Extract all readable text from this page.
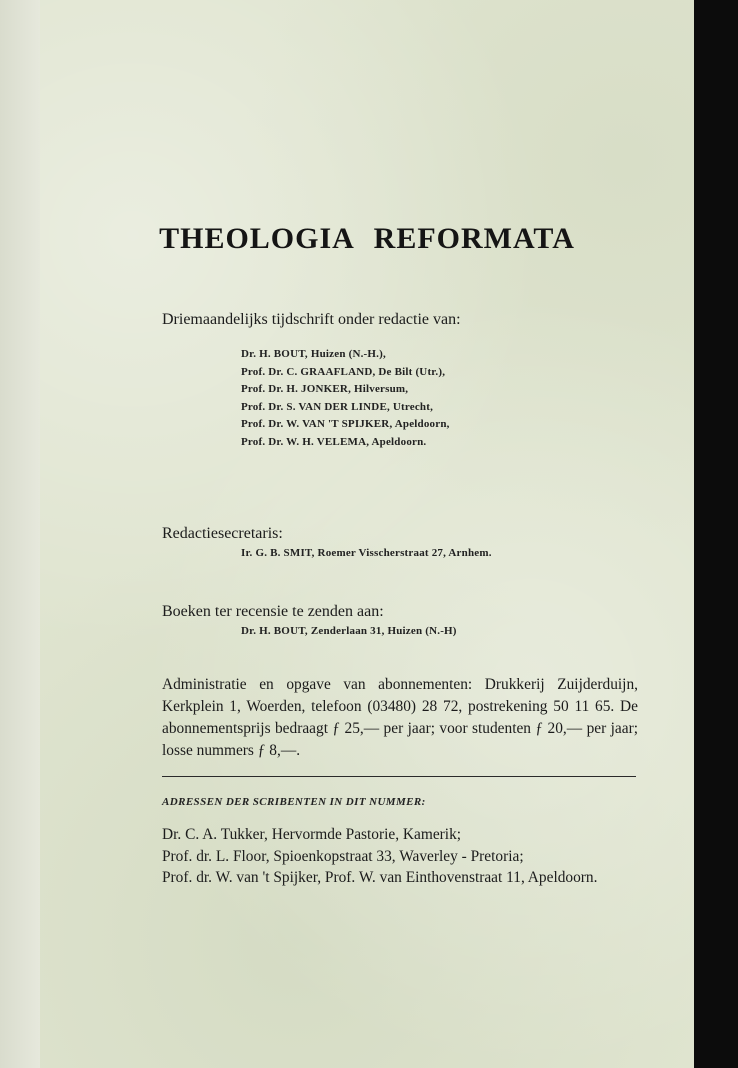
THEOLOGIA REFORMATA
Driemaandelijks tijdschrift onder redactie van:
Dr. H. BOUT, Huizen (N.-H.),
Prof. Dr. C. GRAAFLAND, De Bilt (Utr.),
Prof. Dr. H. JONKER, Hilversum,
Prof. Dr. S. VAN DER LINDE, Utrecht,
Prof. Dr. W. VAN 'T SPIJKER, Apeldoorn,
Prof. Dr. W. H. VELEMA, Apeldoorn.
Redactiesecretaris:
Ir. G. B. SMIT, Roemer Visscherstraat 27, Arnhem.
Boeken ter recensie te zenden aan:
Dr. H. BOUT, Zenderlaan 31, Huizen (N.-H)

Administratie en opgave van abonnementen: Drukkerij Zuijderduijn, Kerkplein 1, Woerden, telefoon (03480) 28 72, postrekening 50 11 65. De abonnementsprijs bedraagt ƒ 25,— per jaar; voor studenten ƒ 20,— per jaar; losse nummers ƒ 8,—.

ADRESSEN DER SCRIBENTEN IN DIT NUMMER:

Dr. C. A. Tukker, Hervormde Pastorie, Kamerik;
Prof. dr. L. Floor, Spioenkopstraat 33, Waverley - Pretoria;
Prof. dr. W. van 't Spijker, Prof. W. van Einthovenstraat 11, Apeldoorn.
